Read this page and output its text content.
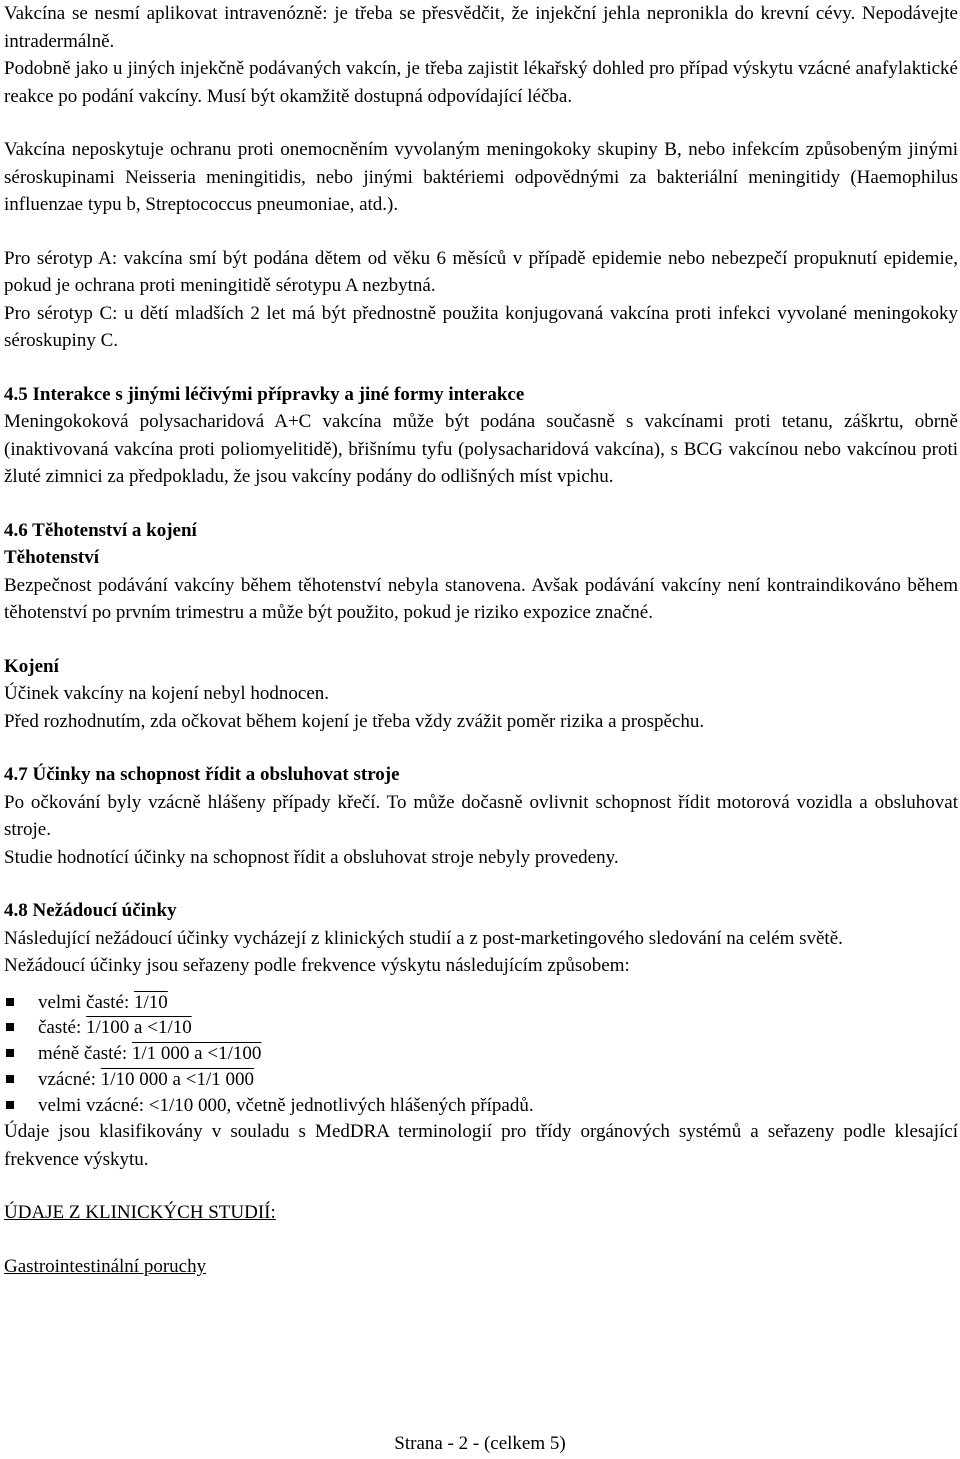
Vakcína se nesmí aplikovat intravenózně: je třeba se přesvědčit, že injekční jehla nepronikla do krevní cévy. Nepodávejte intradermálně.

Podobně jako u jiných injekčně podávaných vakcín, je třeba zajistit lékařský dohled pro případ výskytu vzácné anafylaktické reakce po podání vakcíny. Musí být okamžitě dostupná odpovídající léčba.

Vakcína neposkytuje ochranu proti onemocněním vyvolaným meningokoky skupiny B, nebo infekcím způsobeným jinými séroskupinami Neisseria meningitidis, nebo jinými baktériemi odpovědnými za bakteriální meningitidy (Haemophilus influenzae typu b, Streptococcus pneumoniae, atd.).

Pro sérotyp A: vakcína smí být podána dětem od věku 6 měsíců v případě epidemie nebo nebezpečí propuknutí epidemie, pokud je ochrana proti meningitidě sérotypu A nezbytná.

Pro sérotyp C: u dětí mladších 2 let má být přednostně použita konjugovaná vakcína proti infekci vyvolané meningokoky séroskupiny C.

4.5 Interakce s jinými léčivými přípravky a jiné formy interakce

Meningokoková polysacharidová A+C vakcína může být podána současně s vakcínami proti tetanu, záškrtu, obrně (inaktivovaná vakcína proti poliomyelitidě), břišnímu tyfu (polysacharidová vakcína), s BCG vakcínou nebo vakcínou proti žluté zimnici za předpokladu, že jsou vakcíny podány do odlišných míst vpichu.

4.6 Těhotenství a kojení
Těhotenství

Bezpečnost podávání vakcíny během těhotenství nebyla stanovena. Avšak podávání vakcíny není kontraindikováno během těhotenství po prvním trimestru a může být použito, pokud je riziko expozice značné.

Kojení

Účinek vakcíny na kojení nebyl hodnocen.

Před rozhodnutím, zda očkovat během kojení je třeba vždy zvážit poměr rizika a prospěchu.

4.7 Účinky na schopnost řídit a obsluhovat stroje

Po očkování byly vzácně hlášeny případy křečí. To může dočasně ovlivnit schopnost řídit motorová vozidla a obsluhovat stroje.

Studie hodnotící účinky na schopnost řídit a obsluhovat stroje nebyly provedeny.

4.8 Nežádoucí účinky

Následující nežádoucí účinky vycházejí z klinických studií a z post-marketingového sledování na celém světě.

Nežádoucí účinky jsou seřazeny podle frekvence výskytu následujícím způsobem:

velmi časté: 1/10
časté: 1/100 a <1/10
méně časté: 1/1 000 a <1/100
vzácné: 1/10 000 a <1/1 000
velmi vzácné: <1/10 000, včetně jednotlivých hlášených případů.

Údaje jsou klasifikovány v souladu s MedDRA terminologií pro třídy orgánových systémů a seřazeny podle klesající frekvence výskytu.

ÚDAJE Z KLINICKÝCH STUDIÍ:
Gastrointestinální poruchy
Strana - 2 - (celkem 5)
